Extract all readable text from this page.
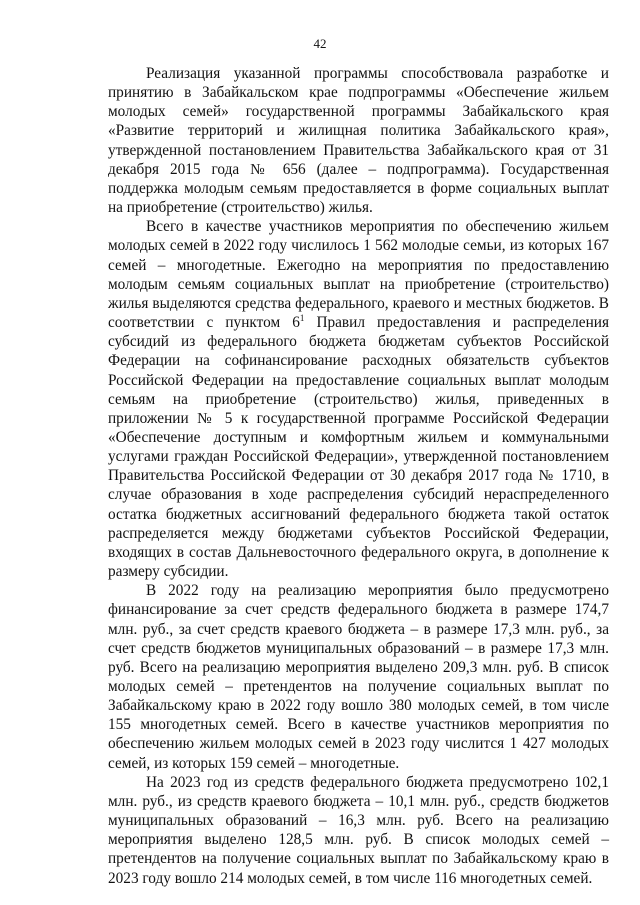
42

Реализация указанной программы способствовала разработке и принятию в Забайкальском крае подпрограммы «Обеспечение жильем молодых семей» государственной программы Забайкальского края «Развитие территорий и жилищная политика Забайкальского края», утвержденной постановлением Правительства Забайкальского края от 31 декабря 2015 года № 656 (далее – подпрограмма). Государственная поддержка молодым семьям предоставляется в форме социальных выплат на приобретение (строительство) жилья.

Всего в качестве участников мероприятия по обеспечению жильем молодых семей в 2022 году числилось 1 562 молодые семьи, из которых 167 семей – многодетные. Ежегодно на мероприятия по предоставлению молодым семьям социальных выплат на приобретение (строительство) жилья выделяются средства федерального, краевого и местных бюджетов. В соответствии с пунктом $6^1$ Правил предоставления и распределения субсидий из федерального бюджета бюджетам субъектов Российской Федерации на софинансирование расходных обязательств субъектов Российской Федерации на предоставление социальных выплат молодым семьям на приобретение (строительство) жилья, приведенных в приложении № 5 к государственной программе Российской Федерации «Обеспечение доступным и комфортным жильем и коммунальными услугами граждан Российской Федерации», утвержденной постановлением Правительства Российской Федерации от 30 декабря 2017 года № 1710, в случае образования в ходе распределения субсидий нераспределенного остатка бюджетных ассигнований федерального бюджета такой остаток распределяется между бюджетами субъектов Российской Федерации, входящих в состав Дальневосточного федерального округа, в дополнение к размеру субсидии.

В 2022 году на реализацию мероприятия было предусмотрено финансирование за счет средств федерального бюджета в размере 174,7 млн. руб., за счет средств краевого бюджета – в размере 17,3 млн. руб., за счет средств бюджетов муниципальных образований – в размере 17,3 млн. руб. Всего на реализацию мероприятия выделено 209,3 млн. руб. В список молодых семей – претендентов на получение социальных выплат по Забайкальскому краю в 2022 году вошло 380 молодых семей, в том числе 155 многодетных семей. Всего в качестве участников мероприятия по обеспечению жильем молодых семей в 2023 году числится 1 427 молодых семей, из которых 159 семей – многодетные.

На 2023 год из средств федерального бюджета предусмотрено 102,1 млн. руб., из средств краевого бюджета – 10,1 млн. руб., средств бюджетов муниципальных образований – 16,3 млн. руб. Всего на реализацию мероприятия выделено 128,5 млн. руб. В список молодых семей – претендентов на получение социальных выплат по Забайкальскому краю в 2023 году вошло 214 молодых семей, в том числе 116 многодетных семей.
